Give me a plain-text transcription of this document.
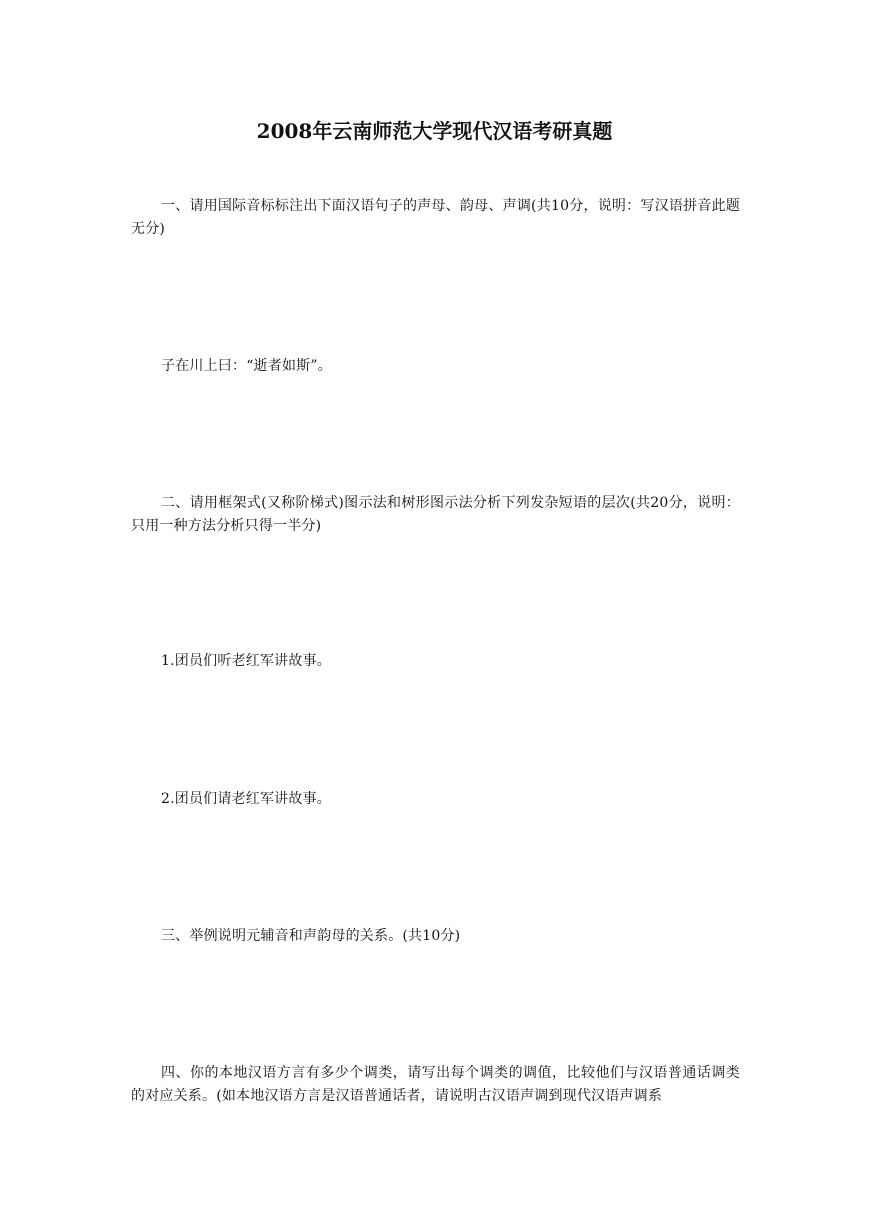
2008年云南师范大学现代汉语考研真题

一、请用国际音标标注出下面汉语句子的声母、韵母、声调(共10分，说明：写汉语拼音此题无分)

子在川上曰：“逝者如斯”。

二、请用框架式(又称阶梯式)图示法和树形图示法分析下列发杂短语的层次(共20分，说明：只用一种方法分析只得一半分)

1.团员们听老红军讲故事。

2.团员们请老红军讲故事。

三、举例说明元辅音和声韵母的关系。(共10分)

四、你的本地汉语方言有多少个调类，请写出每个调类的调值，比较他们与汉语普通话调类的对应关系。(如本地汉语方言是汉语普通话者，请说明古汉语声调到现代汉语声调系
